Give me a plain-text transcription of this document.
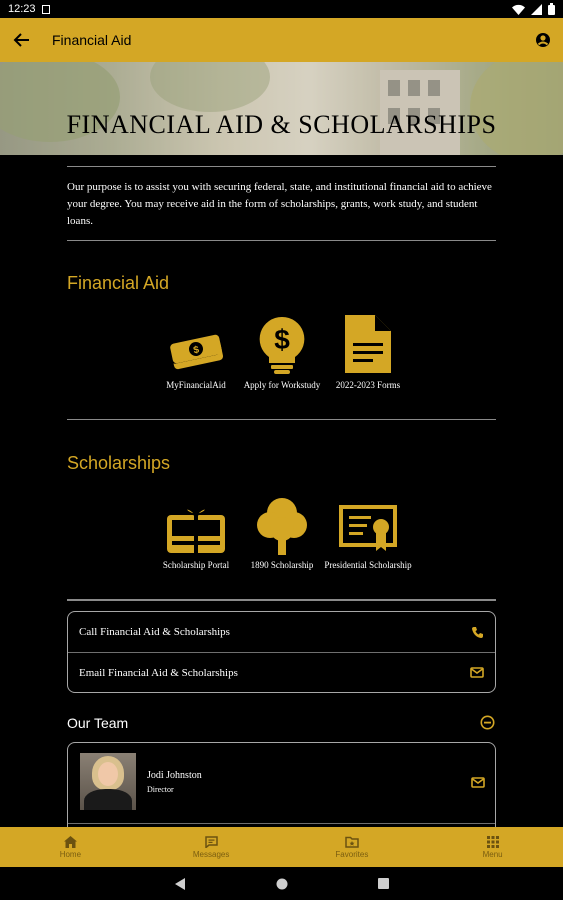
12:23
Financial Aid
FINANCIAL AID & SCHOLARSHIPS

Our purpose is to assist you with securing federal, state, and institutional financial aid to achieve your degree. You may receive aid in the form of scholarships, grants, work study, and student loans.

Financial Aid
$
MyFinancialAid
$
Apply for Workstudy	2022-2023 Forms
Scholarships
Scholarship Portal	1890 Scholarship	Presidential Scholarship
Call Financial Aid & Scholarships
Email Financial Aid & Scholarships
Our Team
Jodi Johnston
Director
Home	Messages	Favorites	Menu
